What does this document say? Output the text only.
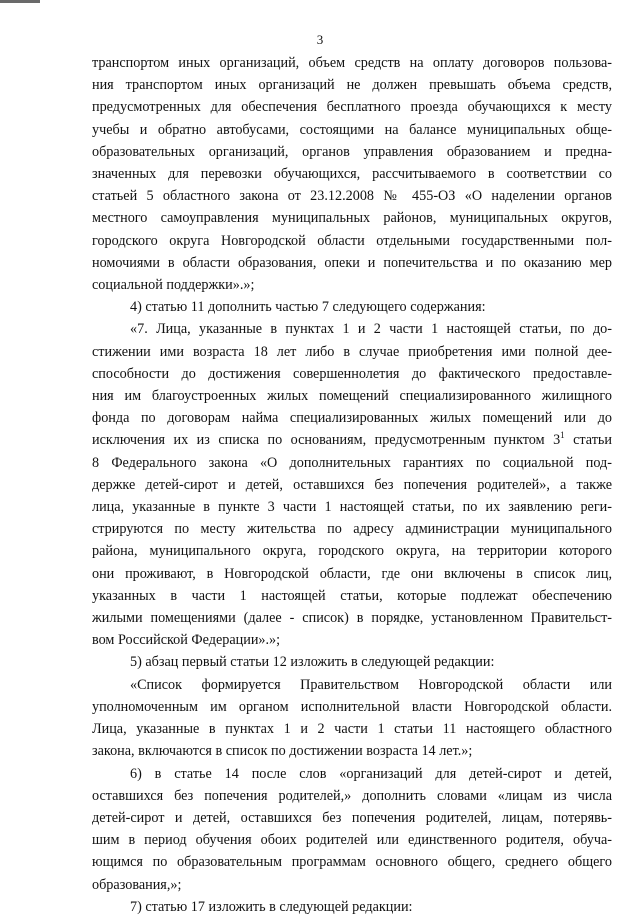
3
транспортом иных организаций, объем средств на оплату договоров пользова-
ния транспортом иных организаций не должен превышать объема средств,
предусмотренных для обеспечения бесплатного проезда обучающихся к месту
учебы и обратно автобусами, состоящими на балансе муниципальных обще-
образовательных организаций, органов управления образованием и предна-
значенных для перевозки обучающихся, рассчитываемого в соответствии со
статьей 5 областного закона от 23.12.2008 № 455-ОЗ «О наделении органов
местного самоуправления муниципальных районов, муниципальных округов,
городского округа Новгородской области отдельными государственными пол-
номочиями в области образования, опеки и попечительства и по оказанию мер
социальной поддержки».»;
4) статью 11 дополнить частью 7 следующего содержания:
«7. Лица, указанные в пунктах 1 и 2 части 1 настоящей статьи, по до-
стижении ими возраста 18 лет либо в случае приобретения ими полной дее-
способности до достижения совершеннолетия до фактического предоставле-
ния им благоустроенных жилых помещений специализированного жилищного
фонда по договорам найма специализированных жилых помещений или до
исключения их из списка по основаниям, предусмотренным пунктом $3^1$ статьи
8 Федерального закона «О дополнительных гарантиях по социальной под-
держке детей-сирот и детей, оставшихся без попечения родителей», а также
лица, указанные в пункте 3 части 1 настоящей статьи, по их заявлению реги-
стрируются по месту жительства по адресу администрации муниципального
района, муниципального округа, городского округа, на территории которого
они проживают, в Новгородской области, где они включены в список лиц,
указанных в части 1 настоящей статьи, которые подлежат обеспечению
жилыми помещениями (далее - список) в порядке, установленном Правительст-
вом Российской Федерации».»;
5) абзац первый статьи 12 изложить в следующей редакции:
«Список формируется Правительством Новгородской области или
уполномоченным им органом исполнительной власти Новгородской области.
Лица, указанные в пунктах 1 и 2 части 1 статьи 11 настоящего областного
закона, включаются в список по достижении возраста 14 лет.»;
6) в статье 14 после слов «организаций для детей-сирот и детей,
оставшихся без попечения родителей,» дополнить словами «лицам из числа
детей-сирот и детей, оставшихся без попечения родителей, лицам, потерявь-
шим в период обучения обоих родителей или единственного родителя, обуча-
ющимся по образовательным программам основного общего, среднего общего
образования,»;
7) статью 17 изложить в следующей редакции:
